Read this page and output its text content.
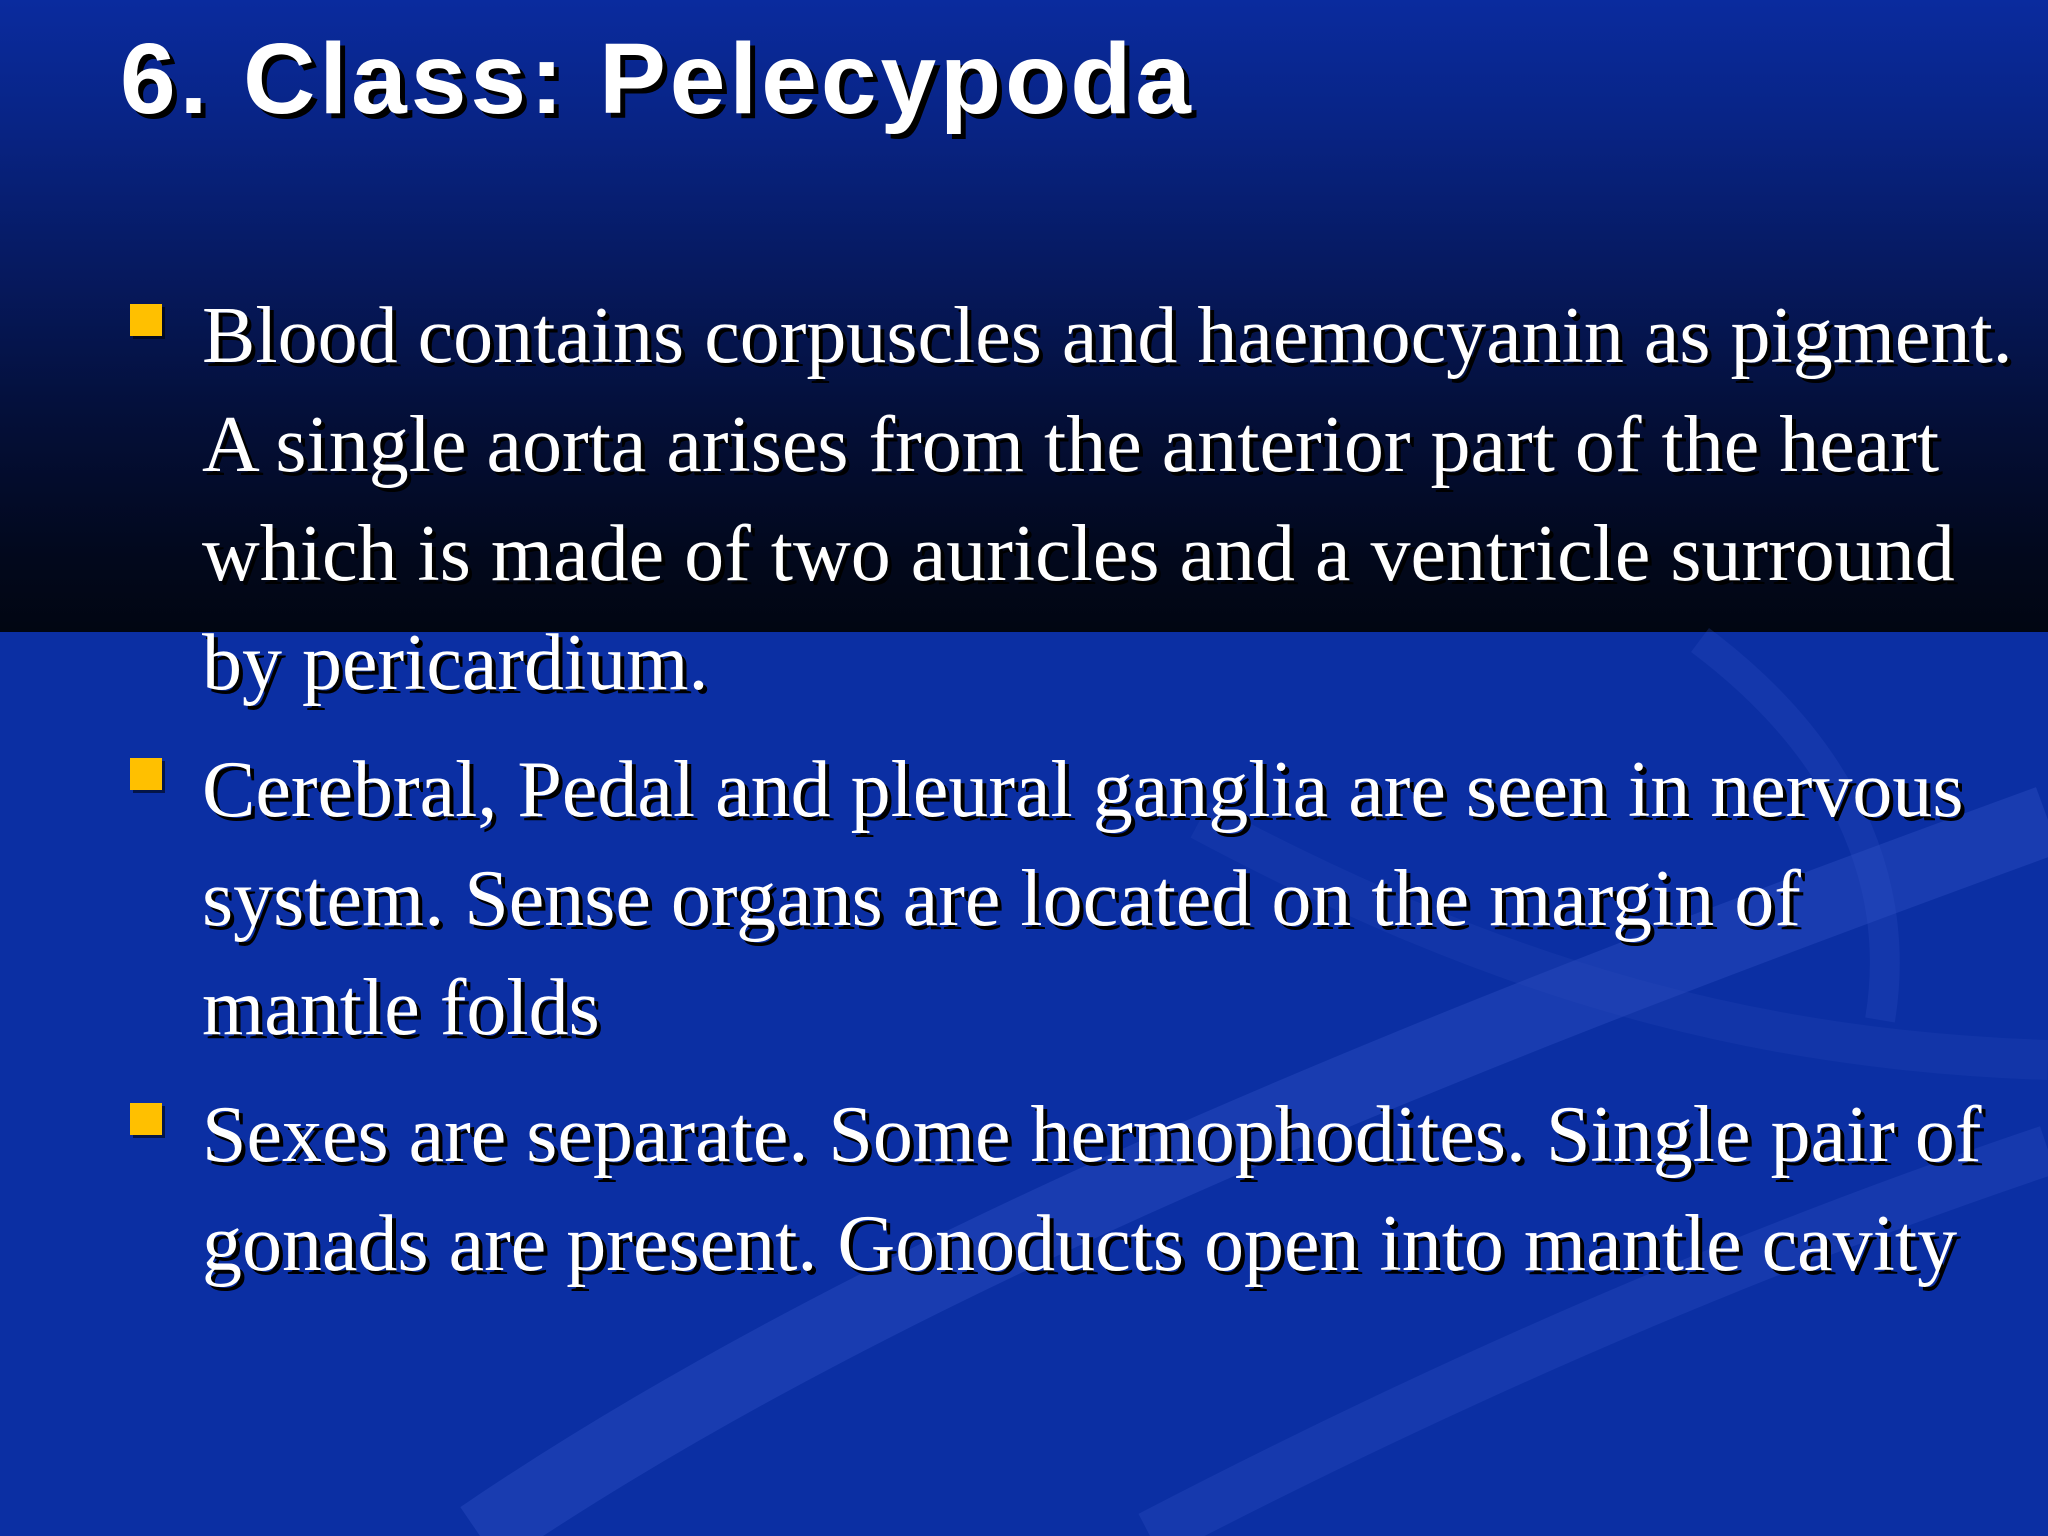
6. Class: Pelecypoda
Blood contains corpuscles and haemocyanin as pigment. A single aorta arises from the anterior part of the heart which is made of two auricles and a ventricle surround by pericardium.
Cerebral, Pedal and pleural ganglia are seen in nervous system. Sense organs are located on the margin of mantle folds
Sexes are separate. Some hermophodites. Single pair of gonads are present. Gonoducts open into mantle cavity
